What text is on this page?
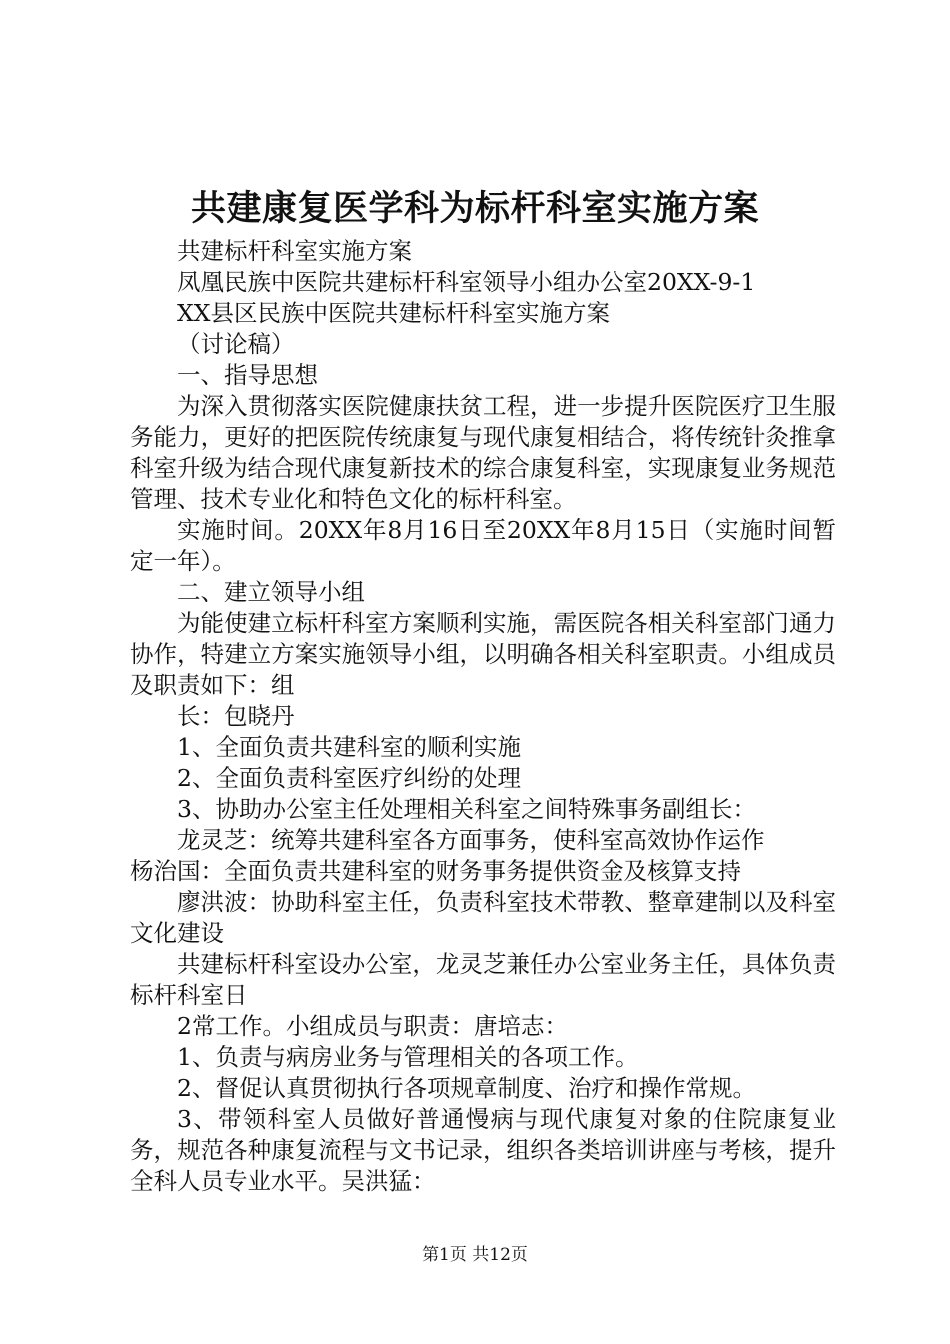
共建康复医学科为标杆科室实施方案

共建标杆科室实施方案

凤凰民族中医院共建标杆科室领导小组办公室20XX-9-1

XX县区民族中医院共建标杆科室实施方案

（讨论稿）

一、指导思想

为深入贯彻落实医院健康扶贫工程，进一步提升医院医疗卫生服务能力，更好的把医院传统康复与现代康复相结合，将传统针灸推拿科室升级为结合现代康复新技术的综合康复科室，实现康复业务规范管理、技术专业化和特色文化的标杆科室。

实施时间。20XX年8月16日至20XX年8月15日（实施时间暂定一年）。

二、建立领导小组

为能使建立标杆科室方案顺利实施，需医院各相关科室部门通力协作，特建立方案实施领导小组，以明确各相关科室职责。小组成员及职责如下：组

长：包晓丹

1、全面负责共建科室的顺利实施

2、全面负责科室医疗纠纷的处理

3、协助办公室主任处理相关科室之间特殊事务副组长：

龙灵芝：统筹共建科室各方面事务，使科室高效协作运作

杨治国：全面负责共建科室的财务事务提供资金及核算支持

廖洪波：协助科室主任，负责科室技术带教、整章建制以及科室文化建设

共建标杆科室设办公室，龙灵芝兼任办公室业务主任，具体负责标杆科室日

2常工作。小组成员与职责：唐培志：

1、负责与病房业务与管理相关的各项工作。

2、督促认真贯彻执行各项规章制度、治疗和操作常规。

3、带领科室人员做好普通慢病与现代康复对象的住院康复业务，规范各种康复流程与文书记录，组织各类培训讲座与考核，提升全科人员专业水平。吴洪猛：

第1页 共12页
